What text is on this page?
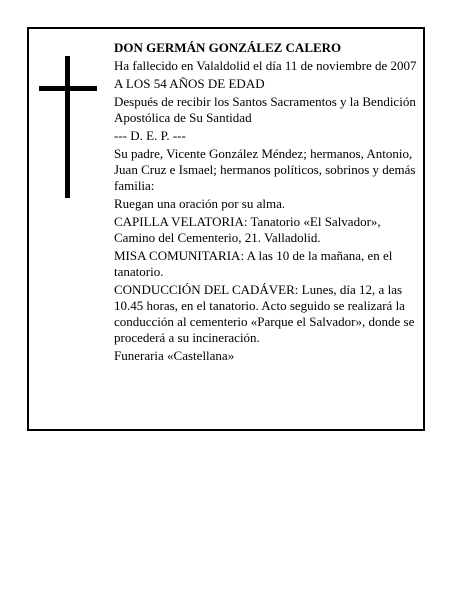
DON GERMÁN GONZÁLEZ CALERO

Ha fallecido en Valaldolid el día 11 de noviembre de 2007

A LOS 54 AÑOS DE EDAD

Después de recibir los Santos Sacramentos y la Bendición Apostólica de Su Santidad

--- D. E. P. ---

Su padre, Vicente González Méndez; hermanos, Antonio, Juan Cruz e Ismael; hermanos políticos, sobrinos y demás familia:

Ruegan una oración por su alma.

CAPILLA VELATORIA: Tanatorio «El Salvador», Camino del Cementerio, 21. Valladolid.

MISA COMUNITARIA: A las 10 de la mañana, en el tanatorio.

CONDUCCIÓN DEL CADÁVER: Lunes, día 12, a las 10.45 horas, en el tanatorio. Acto seguido se realizará la conducción al cementerio «Parque el Salvador», donde se procederá a su incineración.

Funeraria «Castellana»
